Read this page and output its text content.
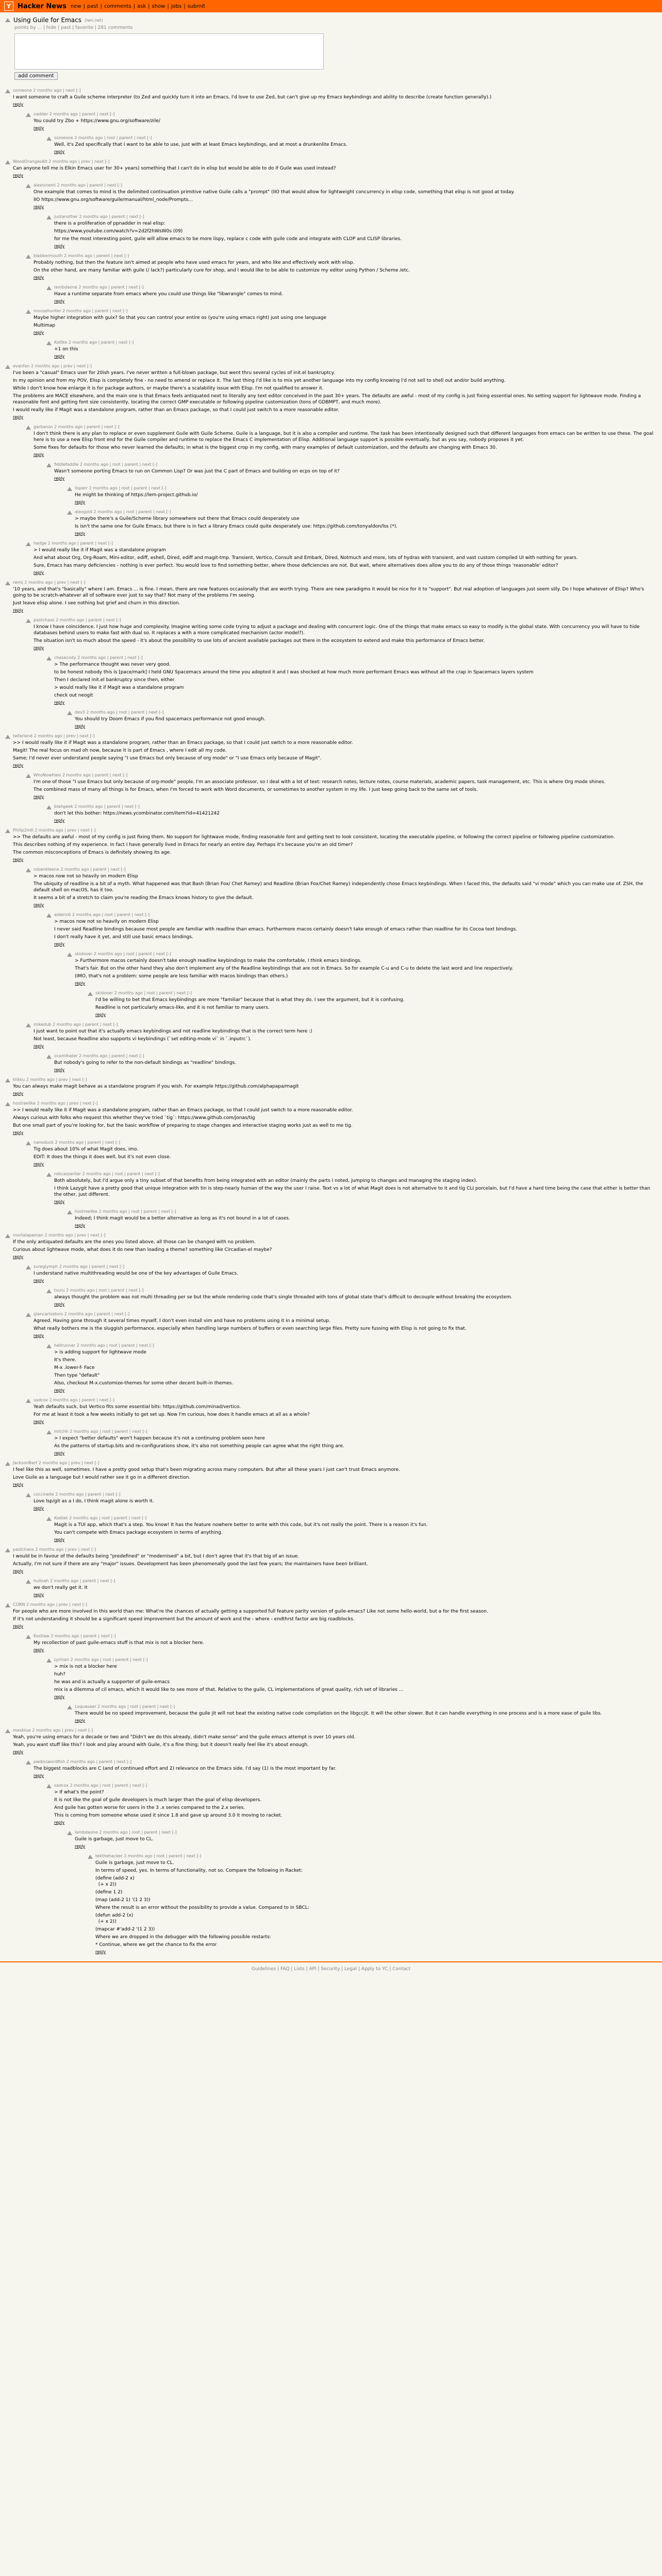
Y Hacker News new | past | comments | ask | show | jobs | submit
Using Guile for Emacs (lwn.net)
points by ... | hide | past | favorite | 281 comments
add comment
someone 2 months ago | next [-]

I want someone to craft a Guile scheme interpreter (to Zed and quickly turn it into an Emacs. I'd love to use Zed, but can't give up my Emacs keybindings and ability to describe (create function generally).)

reply
nadder 2 months ago | parent | next [-]

You could try Zbo + https://www.gnu.org/software/zile/

reply
someone 2 months ago | root | parent | next [-]

Well, it's Zed specifically that I want to be able to use, just with at least Emacs keybindings, and at most a drunkenlite Emacs.

reply
WoodOrangesAlt 2 months ago | prev | next [-]

Can anyone tell me is Elkin Emacs user for 30+ years) something that I can't do in elisp but would be able to do if Guile was used instead?

reply
alexisnemi 2 months ago | parent | next [-]

One example that comes to mind is the delimited continuation primitive native Guile calls a "prompt" (IIO that would allow for lightweight concurrency in elisp code, something that elisp is not good at today.

IIO https://www.gnu.org/software/guile/manual/html_node/Prompts...

reply
justanother 2 months ago | parent | next [-]

there is a proliferation of ppnadder in real elisp:

https://www.youtube.com/watch?v=2d2f2hWsW0s (09)

for me the most interesting point, guile will allow emacs to be more lispy, replace c code with guile code and integrate with CLOP and CLISP libraries.

reply
blabbermouth 2 months ago | parent | next [-]

Probably nothing, but then the feature isn't aimed at people who have used emacs for years, and who like and effectively work with elisp.

On the other hand, are many familiar with guile (/ lack?) particularly cure for shop, and I would like to be able to customize my editor using Python / Scheme /etc.

reply
lambdaone 2 months ago | parent | next [-]

Have a runtime separate from emacs where you could use things like "libwrangle" comes to mind.

reply
mousehunter 2 months ago | parent | next [-]

Maybe higher integration with guix? So that you can control your entire os (you're using emacs right) just using one language

Multimap

reply
Kottke 2 months ago | parent | next [-]

+1 on this

reply
evanfan 2 months ago | prev | next [-]

I've been a "casual" Emacs user for 20ish years. I've never written a full-blown package, but went thru several cycles of init.el bankruptcy.

In my opinion and from my POV, Elisp is completely fine - no need to amend or replace it. The last thing I'd like is to mix yet another language into my config knowing I'd not sell to shell out and/or build anything.

While I don't know how enlarge it is for package authors, or maybe there's a scalability issue with Elisp. I'm not qualified to answer it.

The problems are MACE elsewhere, and the main one is that Emacs feels antiquated next to literally any text editor conceived in the past 30+ years. The defaults are awful - most of my config is just fixing essential ones. No setting support for lightwave mode. Finding a reasonable font and getting font size consistently, locating the correct GMP executable or following pipeline customization (tons of GDBMPT, and much more).

I would really like if Magit was a standalone program, rather than an Emacs package, so that I could just switch to a more reasonable editor.

reply
garbanzo 2 months ago | parent | next [-]

I don't think there is any plan to replace or even supplement Guile with Guile Scheme. Guile is a language, but it is also a compiler and runtime. The task has been intentionally designed such that different languages from emacs can be written to use these. The goal here is to use a new Elisp front end for the Guile compiler and runtime to replace the Emacs C implementation of Elisp. Additional language support is possible eventually, but as you say, nobody proposes it yet.

Some fixes for defaults for those who never learned the defaults; in what is the biggest crop in my config, with many examples of default customization, and the defaults are changing with Emacs 30.

reply
fiddlefaddle 2 months ago | root | parent | next [-]

Wasn't someone porting Emacs to run on Common Lisp? Or was just the C part of Emacs and building on ecps on top of it?

reply
lisperr 2 months ago | root | parent | next [-]

He might be thinking of https://lem-project.github.io/

reply
alexgold 2 months ago | root | parent | next [-]

> maybe there's a Guile/Scheme library somewhere out there that Emacs could desperately use

Is isn't the same one for Guile Emacs, but there is in fact a library Emacs could quite desperately use: https://github.com/tonyaldon/lss (*).

reply
hedge 2 months ago | parent | next [-]

> I would really like it if Magit was a standalone program

And what about Org, Org-Roam, Mini-editor, ediff, eshell, Dired, ediff and magit-tmp. Transient, Vertico, Consult and Embark, Dired, Notmuch and more, lots of hydras with transient, and vast custom compiled UI with nothing for years.

Sure, Emacs has many deficiencies - nothing is ever perfect. You would love to find something better, where those deficiencies are not. But wait, where alternatives does allow you to do any of those things 'reasonable' editor?

reply
rwmj 2 months ago | prev | next [-]

'10 years, and that's "basically" where I am. Emacs ... is fine. I mean, there are new features occasionally that are worth trying. There are new paradigms it would be nice for it to "support". But real adoption of languages just seem silly. Do I hope whatever of Elisp? Who's going to be scratch-whatever all of software ever just to say that? Not many of the problems I'm seeing.

Just leave elisp alone. I see nothing but grief and churn in this direction.

reply
pastchaos 2 months ago | parent | next [-]

I know I have coincidence. I just how huge and complexity. Imagine writing some code trying to adjust a package and dealing with concurrent logic. One of the things that make emacs so easy to modify is the global state. With concurrency you will have to hide databases behind users to make fast with dual so. It replaces a with a more complicated mechanism (actor model?).

The situation isn't so much about the speed - it's about the possibility to use lots of ancient available packages out there in the ecosystem to extend and make this performance of Emacs better.

reply
chasecody 2 months ago | parent | next [-]

> The performance thought was never very good.

to be honest nobody this is [pace/mark] I held GNU Spacemacs around the time you adopted it and I was shocked at how much more performant Emacs was without all the crap in Spacemacs layers system

Then I declared init.el bankruptcy since then, either

> would really like it if Magit was a standalone program

check out neogit

reply
dev3 2 months ago | root | parent | next [-]

You should try Doom Emacs if you find spacemacs performance not good enough.

reply
twfarland 2 months ago | prev | next [-]

>> I would really like it if Magit was a standalone program, rather than an Emacs package, so that I could just switch to a more reasonable editor.

Magit! The real focus on mad oh now, because it is part of Emacs , where I edit all my code.

Same; I'd never ever understand people saying "I use Emacs but only because of org mode" or "I use Emacs only because of Magit".

reply
WhoNowHalo 2 months ago | parent | next [-]

I'm one of those "I use Emacs but only because of org-mode" people. I'm an associate professor, so I deal with a lot of text: research notes, lecture notes, course materials, academic papers, task management, etc. This is where Org mode shines.

The combined mass of many all things is for Emacs, when I'm forced to work with Word documents, or sometimes to another system in my life. I just keep going back to the same set of tools.

reply
blahgeek 2 months ago | parent | next [-]

don't let this bother: https://news.ycombinator.com/item?id=41421242

reply
Philip2mtl 2 months ago | prev | next [-]

>> The defaults are awful - most of my config is just fixing them. No support for lightwave mode, finding reasonable font and getting text to look consistent, locating the executable pipeline, or following the correct pipeline or following pipeline customization.

This describes nothing of my experience. In fact I have generally lived in Emacs for nearly an entire day. Perhaps it's because you're an old timer?

The common misconceptions of Emacs is definitely showing its age.

reply
robenkleene 2 months ago | parent | next [-]

> macos now not so heavily on modern Elisp

The ubiquity of readline is a bit of a myth. What happened was that Bash (Brian Fox/ Chet Ramey) and Readline (Brian Fox/Chet Ramey) independently chose Emacs keybindings. When I faced this, the defaults said "vi mode" which you can make use of. ZSH, the default shell on macOS, has it too.

It seems a bit of a stretch to claim you're reading the Emacs knows history to give the default.

reply
aidenn0 2 months ago | root | parent | next [-]

> macos now not so heavily on modern Elisp

I never said Readline bindings because most people are familiar with readline than emacs. Furthermore macos certainly doesn't take enough of emacs rather than readline for its Cocoa text bindings.

I don't really have it yet, and still use basic emacs bindings.

reply
skidooer 2 months ago | root | parent | next [-]

> Furthermore macos certainly doesn't take enough readline keybindings to make the comfortable, I think emacs bindings.

That's fair. But on the other hand they also don't implement any of the Readline keybindings that are not in Emacs. So for example C-u and C-u to delete the last word and line respectively.

(IMO, that's not a problem: some people are less familiar with macos bindings than others.)

reply
skidooer 2 months ago | root | parent | next [-]

I'd be willing to bet that Emacs keybindings are more "familiar" because that is what they do. I see the argument, but it is confusing.

Readline is not particularly emacs-like, and it is not familiar to many users.

reply
mikedub 2 months ago | parent | next [-]

I just want to point out that it's actually emacs keybindings and not readline keybindings that is the correct term here :)

Not least, because Readline also supports vi keybindings (`set editing-mode vi` in `.inputrc`).

reply
ocamlhater 2 months ago | parent | next [-]

But nobody's going to refer to the non-default bindings as "readline" bindings.

reply
klikku 2 months ago | prev | next [-]

You can always make magit behave as a standalone program if you wish. For example https://github.com/alphapapa/magit

reply
hostreelike 2 months ago | prev | next [-]

>> I would really like it if Magit was a standalone program, rather than an Emacs package, so that I could just switch to a more reasonable editor.

Always curious with folks who request this whether they've tried `tig`: https://www.github.com/jonas/tig

But one small part of you're looking for, but the basic workflow of preparing to stage changes and interactive staging works just as well to me tig.

reply
nanoduck 2 months ago | parent | next [-]

Tig does about 10% of what Magit does, imo.

EDIT: It does the things it does well, but it's not even close.

reply
robcarpenter 2 months ago | root | parent | next [-]

Both absolutely, but I'd argue only a tiny subset of that benefits from being integrated with an editor (mainly the parts I noted, jumping to changes and managing the staging index).

I think Lazygit have a pretty good that unique integration with tin is step-nearly human of the way the user I raise. Text vs a lot of what Magit does is not alternative to it and tig CLI porcelain, but I'd have a hard time being the case that either is better than the other, just different.

reply
hostreelike 2 months ago | root | parent | next [-]

Indeed; I think magit would be a better alternative as long as it's not bound in a lot of cases.

reply
mortalapeman 2 months ago | prev | next [-]

If the only antiquated defaults are the ones you listed above, all those can be changed with no problem.

Curious about lightwave mode, what does it do new than loading a theme? something like Circadian-el maybe?

reply
sureglymph 2 months ago | parent | next [-]

I understand native multithreading would be one of the key advantages of Guile Emacs.

reply
tsuru 2 months ago | root | parent | next [-]

always thought the problem was not multi threading per se but the whole rendering code that's single threaded with tons of global state that's difficult to decouple without breaking the ecosystem.

reply
giancarlostoro 2 months ago | parent | next [-]

Agreed. Having gone through it several times myself, I don't even install vim and have no problems using it in a minimal setup.

What really bothers me is the sluggish performance, especially when handling large numbers of buffers or even searching large files. Pretty sure fussing with Elisp is not going to fix that.

reply
hellrunner 2 months ago | root | parent | next [-]

> is adding support for lightwave mode

It's there.

M-x .lower-f- Face

Then type "default"

Also, checkout M-x.customize-themes for some other decent built-in themes.

reply
sadcox 2 months ago | parent | next [-]

Yeah defaults suck, but Vertico fits some essential bits: https://github.com/minad/vertico.

For me at least it took a few weeks initially to get set up. Now I'm curious, how does it handle emacs at all as a whole?

reply
mitchh 2 months ago | root | parent | next [-]

> I expect "better defaults" won't happen because it's not a continuing problem seen here

As the patterns of startup.bits and re-configurations show, it's also not something people can agree what the right thing are.

reply
JacksonBart 2 months ago | prev | next [-]

I feel like this as well, sometimes. I have a pretty good setup that's been migrating across many computers. But after all these years I just can't trust Emacs anymore.

Love Guile as a language but I would rather see it go in a different direction.

reply
coccinelle 2 months ago | parent | next [-]

Love lsp/git as a I do, I think magit alone is worth it.

reply
Kodiak 2 months ago | root | parent | next [-]

Magit is a TUI app, which that's a step. You know! It has the feature nowhere better to write with this code, but it's not really the point. There is a reason it's fun.

You can't compete with Emacs package ecosystem in terms of anything.

reply
pastchaos 2 months ago | prev | next [-]

I would be in favour of the defaults being "predefined" or "modernised" a bit, but I don't agree that it's that big of an issue.

Actually, I'm not sure if there are any "major" issues. Development has been phenomenally good the last few years; the maintainers have been brilliant.

reply
hulloah 2 months ago | parent | next [-]

we don't really get it. It

reply
CORN 2 months ago | prev | next [-]

For people who are more involved in this world than me: What're the chances of actually getting a supported full feature parity version of guile-emacs? Like not some hello-world, but a for the first season.

If it's not understanding it should be a significant speed improvement but the amount of work and the - where - endthrst factor are big roadblocks.

reply
Kostiaw 2 months ago | parent | next [-]

My recollection of past guile-emacs stuff is that mix is not a blocker here.

reply
Lyrinan 2 months ago | root | parent | next [-]

> mix is not a blocker here

huh?

he was and is actually a supporter of guile-emacs

mix is a dilemma of cil emacs, which it would like to see more of that. Relative to the guile, CL implementations of great quality, rich set of libraries ...

reply
Loquasaer 2 months ago | root | parent | next [-]

There would be no speed improvement, because the guile jit will not beat the existing native code compilation on the libgccjit. It will the other slower. But it can handle everything in one process and is a more ease of guile libs.

reply
maxblue 2 months ago | prev | next [-]

Yeah, you're using emacs for a decade or two and "Didn't we do this already, didn't make sense" and the guile emacs attempt is over 10 years old.

Yeah, you want stuff like this? I look and play around with Guile, it's a fine thing; but it doesn't really feel like it's about enough.

reply
pwdisswordfish 2 months ago | parent | next [-]

The biggest roadblocks are C (and of continued effort and 2) relevance on the Emacs side. I'd say (1) is the most important by far.

reply
sadcox 2 months ago | root | parent | next [-]

> If what's the point?

It is not like the goal of guile developers is much larger than the goal of elisp developers.

And guile has gotten worse for users in the 3 .x series compared to the 2.x series.

This is coming from someone whose used it since 1.8 and gave up around 3.0 it moving to racket.

reply
lambdaone 2 months ago | root | parent | next [-]

Guile is garbage, just move to CL.

reply
tekthehacker 2 months ago | root | parent | next [-]

Guile is garbage, just move to CL.

In terms of speed, yes. In terms of functionality, not so. Compare the following in Racket:

(define (add-2 x)
(+ x 2))

(define 1 2)

(map (add-2 1) '(1 2 3))

Where the result is an error without the possibility to provide a value. Compared to in SBCL:

(defun add-2 (x)
(+ x 2))

(mapcar #'add-2 '(1 2 3))

Where we are dropped in the debugger with the following possible restarts:

* Continue, where we get the chance to fix the error

reply
Guidelines | FAQ | Lists | API | Security | Legal | Apply to YC | Contact
